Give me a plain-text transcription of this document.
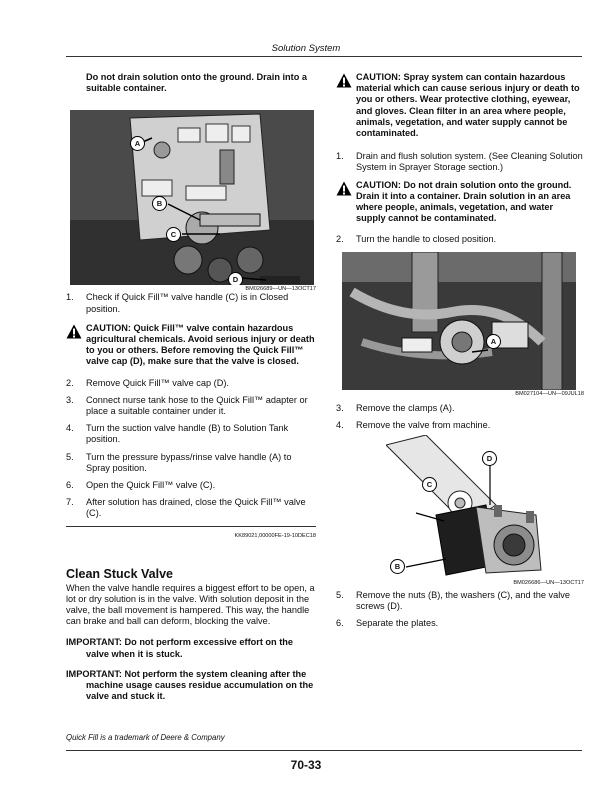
Solution System

Do not drain solution onto the ground. Drain into a suitable container.

A
B
C
D
BM026689—UN—13OCT17
1. Check if Quick Fill™ valve handle (C) is in Closed position.
CAUTION: Quick Fill™ valve contain hazardous agricultural chemicals. Avoid serious injury or death to you or others. Before removing the Quick Fill™ valve cap (D), make sure that the valve is closed.
2. Remove Quick Fill™ valve cap (D).
3. Connect nurse tank hose to the Quick Fill™ adapter or place a suitable container under it.
4. Turn the suction valve handle (B) to Solution Tank position.
5. Turn the pressure bypass/rinse valve handle (A) to Spray position.
6. Open the Quick Fill™ valve (C).
7. After solution has drained, close the Quick Fill™ valve (C).
KK89021,00000FE-19-10DEC18

Clean Stuck Valve

When the valve handle requires a biggest effort to be open, a lot or dry solution is in the valve. With solution deposit in the valve, the ball movement is hampered. This way, the handle can brake and ball can deform, blocking the valve.

IMPORTANT: Do not perform excessive effort on the valve when it is stuck.

IMPORTANT: Not perform the system cleaning after the machine usage causes residue accumulation on the valve and stuck it.

CAUTION: Spray system can contain hazardous material which can cause serious injury or death to you or others. Wear protective clothing, eyewear, and gloves. Clean filter in an area where people, animals, vegetation, and water supply cannot be contaminated.
1. Drain and flush solution system. (See Cleaning Solution System in Sprayer Storage section.)
CAUTION: Do not drain solution onto the ground. Drain it into a container. Drain solution in an area where people, animals, vegetation, and water supply cannot be contaminated.
2. Turn the handle to closed position.
A
BM027104—UN—09JUL18
3. Remove the clamps (A).
4. Remove the valve from machine.
C
D
B
BM026686—UN—13OCT17
5. Remove the nuts (B), the washers (C), and the valve screws (D).
6. Separate the plates.
Quick Fill is a trademark of Deere & Company
70-33
